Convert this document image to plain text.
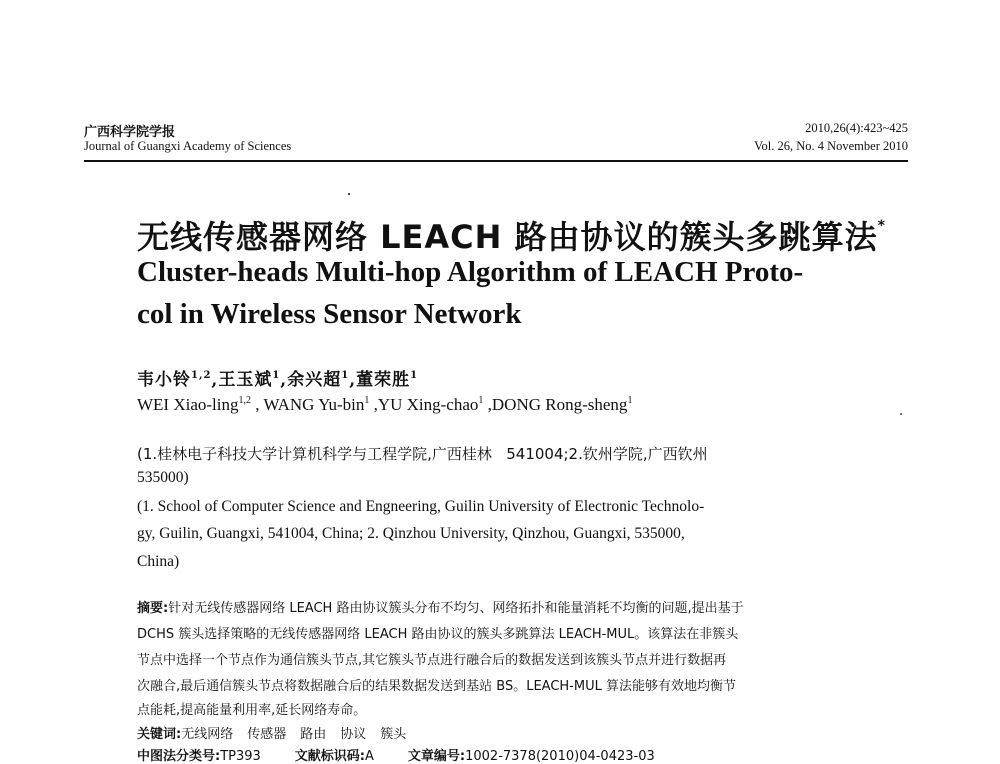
广西科学院学报
Journal of Guangxi Academy of Sciences
2010,26(4):423~425
Vol. 26, No. 4 November 2010
无线传感器网络 LEACH 路由协议的簇头多跳算法*
Cluster-heads Multi-hop Algorithm of LEACH Proto-
col in Wireless Sensor Network
韦小铃$^{1,2}$,王玉斌$^1$,余兴超$^1$,董荣胜$^1$
WEI Xiao-ling$^{1,2}$ , WANG Yu-bin$^1$ ,YU Xing-chao$^1$ ,DONG Rong-sheng$^1$
(1.桂林电子科技大学计算机科学与工程学院,广西桂林   541004;2.钦州学院,广西钦州
535000)
(1. School of Computer Science and Engneering, Guilin University of Electronic Technolo-
gy, Guilin, Guangxi, 541004, China; 2. Qinzhou University, Qinzhou, Guangxi, 535000,
China)
摘要:针对无线传感器网络 LEACH 路由协议簇头分布不均匀、网络拓扑和能量消耗不均衡的问题,提出基于
DCHS 簇头选择策略的无线传感器网络 LEACH 路由协议的簇头多跳算法 LEACH-MUL。该算法在非簇头
节点中选择一个节点作为通信簇头节点,其它簇头节点进行融合后的数据发送到该簇头节点并进行数据再
次融合,最后通信簇头节点将数据融合后的结果数据发送到基站 BS。LEACH-MUL 算法能够有效地均衡节
点能耗,提高能量利用率,延长网络寿命。
关键词:无线网络 传感器 路由 协议 簇头
中图法分类号:TP393	文献标识码:A	文章编号:1002-7378(2010)04-0423-03
